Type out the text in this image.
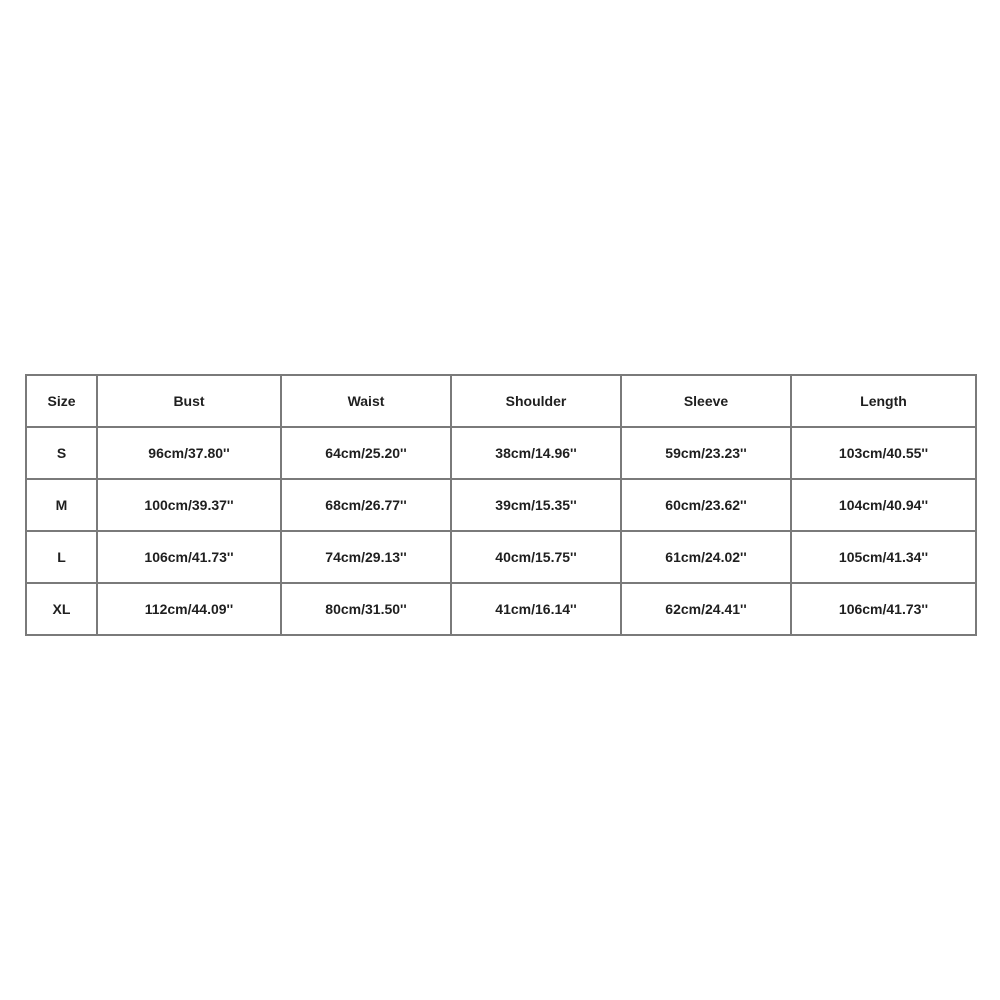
Size	Bust	Waist	Shoulder	Sleeve	Length
S	96cm/37.80''	64cm/25.20''	38cm/14.96''	59cm/23.23''	103cm/40.55''
M	100cm/39.37''	68cm/26.77''	39cm/15.35''	60cm/23.62''	104cm/40.94''
L	106cm/41.73''	74cm/29.13''	40cm/15.75''	61cm/24.02''	105cm/41.34''
XL	112cm/44.09''	80cm/31.50''	41cm/16.14''	62cm/24.41''	106cm/41.73''
